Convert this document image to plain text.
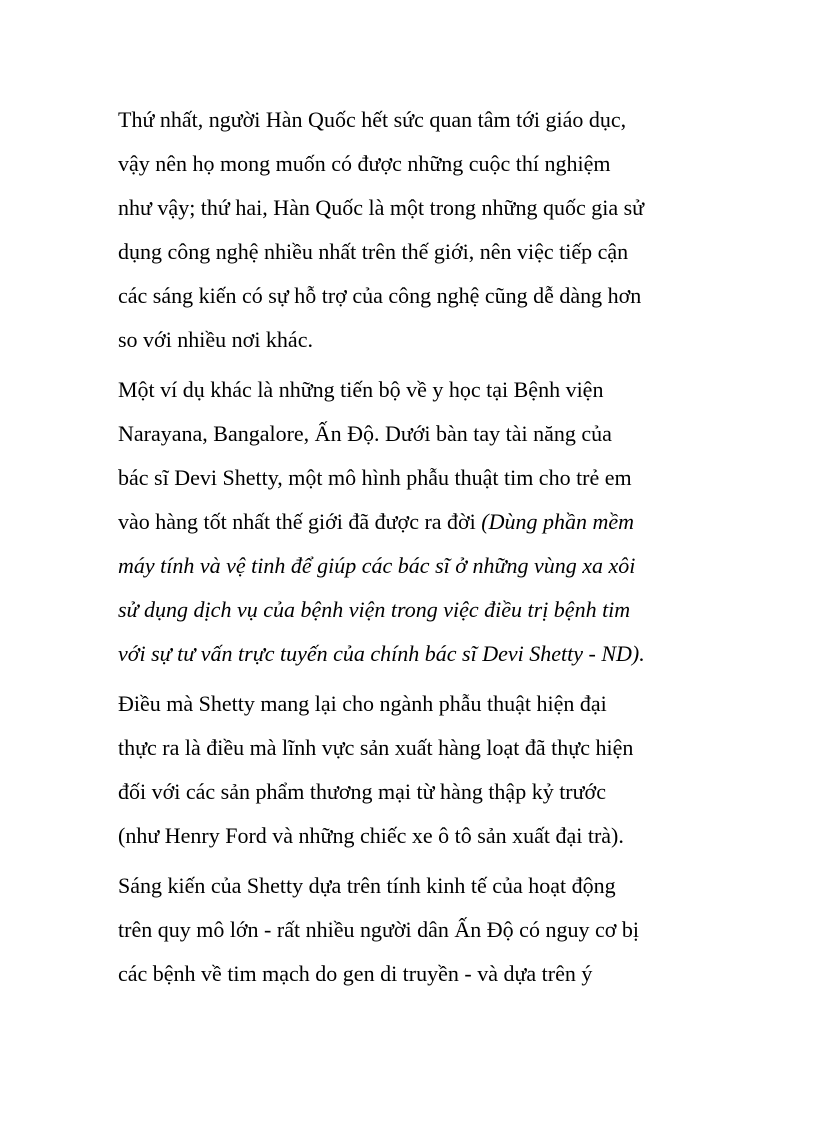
Thứ nhất, người Hàn Quốc hết sức quan tâm tới giáo dục,
vậy nên họ mong muốn có được những cuộc thí nghiệm
như vậy; thứ hai, Hàn Quốc là một trong những quốc gia sử
dụng công nghệ nhiều nhất trên thế giới, nên việc tiếp cận
các sáng kiến có sự hỗ trợ của công nghệ cũng dễ dàng hơn
so với nhiều nơi khác.
Một ví dụ khác là những tiến bộ về y học tại Bệnh viện
Narayana, Bangalore, Ấn Độ. Dưới bàn tay tài năng của
bác sĩ Devi Shetty, một mô hình phẫu thuật tim cho trẻ em
vào hàng tốt nhất thế giới đã được ra đời (Dùng phần mềm
máy tính và vệ tinh để giúp các bác sĩ ở những vùng xa xôi
sử dụng dịch vụ của bệnh viện trong việc điều trị bệnh tim
với sự tư vấn trực tuyến của chính bác sĩ Devi Shetty - ND).
Điều mà Shetty mang lại cho ngành phẫu thuật hiện đại
thực ra là điều mà lĩnh vực sản xuất hàng loạt đã thực hiện
đối với các sản phẩm thương mại từ hàng thập kỷ trước
(như Henry Ford và những chiếc xe ô tô sản xuất đại trà).
Sáng kiến của Shetty dựa trên tính kinh tế của hoạt động
trên quy mô lớn - rất nhiều người dân Ấn Độ có nguy cơ bị
các bệnh về tim mạch do gen di truyền - và dựa trên ý
